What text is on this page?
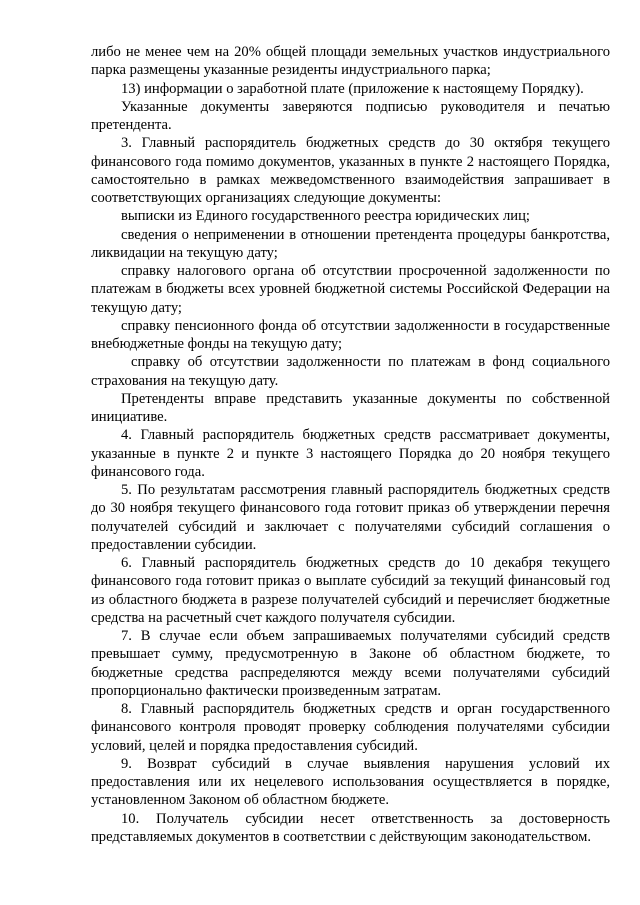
либо не менее чем на 20% общей площади земельных участков индустриального парка размещены указанные резиденты индустриального парка;

13) информации о заработной плате (приложение к настоящему Порядку).

Указанные документы заверяются подписью руководителя и печатью претендента.

3. Главный распорядитель бюджетных средств до 30 октября текущего финансового года помимо документов, указанных в пункте 2 настоящего Порядка, самостоятельно в рамках межведомственного взаимодействия запрашивает в соответствующих организациях следующие документы:

выписки из Единого государственного реестра юридических лиц;

сведения о неприменении в отношении претендента процедуры банкротства, ликвидации на текущую дату;

справку налогового органа об отсутствии просроченной задолженности по платежам в бюджеты всех уровней бюджетной системы Российской Федерации на текущую дату;

справку пенсионного фонда об отсутствии задолженности в государственные внебюджетные фонды на текущую дату;

справку об отсутствии задолженности по платежам в фонд социального страхования на текущую дату.

Претенденты вправе представить указанные документы по собственной инициативе.

4. Главный распорядитель бюджетных средств рассматривает документы, указанные в пункте 2 и пункте 3 настоящего Порядка до 20 ноября текущего финансового года.

5. По результатам рассмотрения главный распорядитель бюджетных средств до 30 ноября текущего финансового года готовит приказ об утверждении перечня получателей субсидий и заключает с получателями субсидий соглашения о предоставлении субсидии.

6. Главный распорядитель бюджетных средств до 10 декабря текущего финансового года готовит приказ о выплате субсидий за текущий финансовый год из областного бюджета в разрезе получателей субсидий и перечисляет бюджетные средства на расчетный счет каждого получателя субсидии.

7. В случае если объем запрашиваемых получателями субсидий средств превышает сумму, предусмотренную в Законе об областном бюджете, то бюджетные средства распределяются между всеми получателями субсидий пропорционально фактически произведенным затратам.

8. Главный распорядитель бюджетных средств и орган государственного финансового контроля проводят проверку соблюдения получателями субсидии условий, целей и порядка предоставления субсидий.

9. Возврат субсидий в случае выявления нарушения условий их предоставления или их нецелевого использования осуществляется в порядке, установленном Законом об областном бюджете.

10. Получатель субсидии несет ответственность за достоверность представляемых документов в соответствии с действующим законодательством.
